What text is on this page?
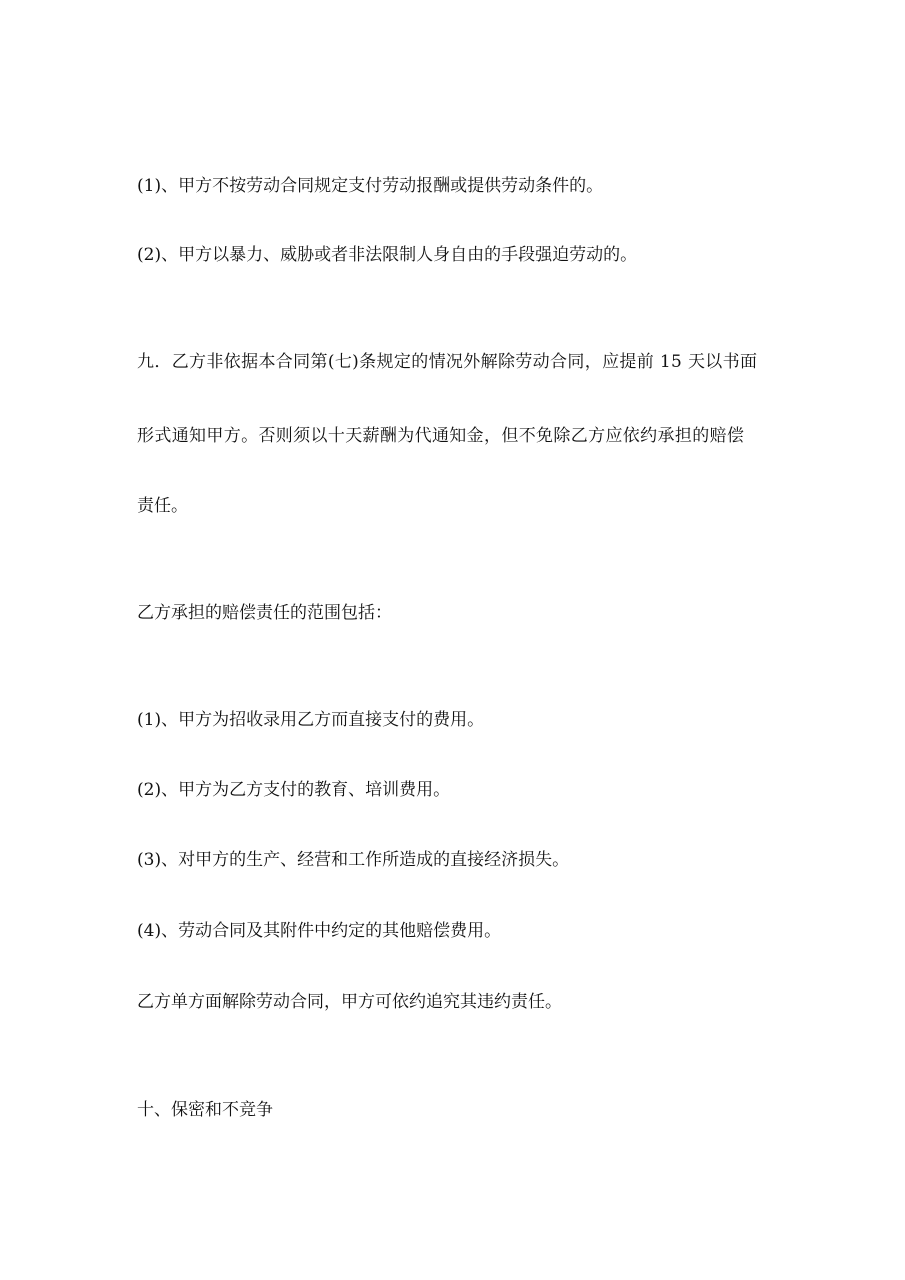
(1)、甲方不按劳动合同规定支付劳动报酬或提供劳动条件的。
(2)、甲方以暴力、威胁或者非法限制人身自由的手段强迫劳动的。
九．乙方非依据本合同第(七)条规定的情况外解除劳动合同，应提前 15 天以书面
形式通知甲方。否则须以十天薪酬为代通知金，但不免除乙方应依约承担的赔偿
责任。
乙方承担的赔偿责任的范围包括：
(1)、甲方为招收录用乙方而直接支付的费用。
(2)、甲方为乙方支付的教育、培训费用。
(3)、对甲方的生产、经营和工作所造成的直接经济损失。
(4)、劳动合同及其附件中约定的其他赔偿费用。
乙方单方面解除劳动合同，甲方可依约追究其违约责任。
十、保密和不竞争
